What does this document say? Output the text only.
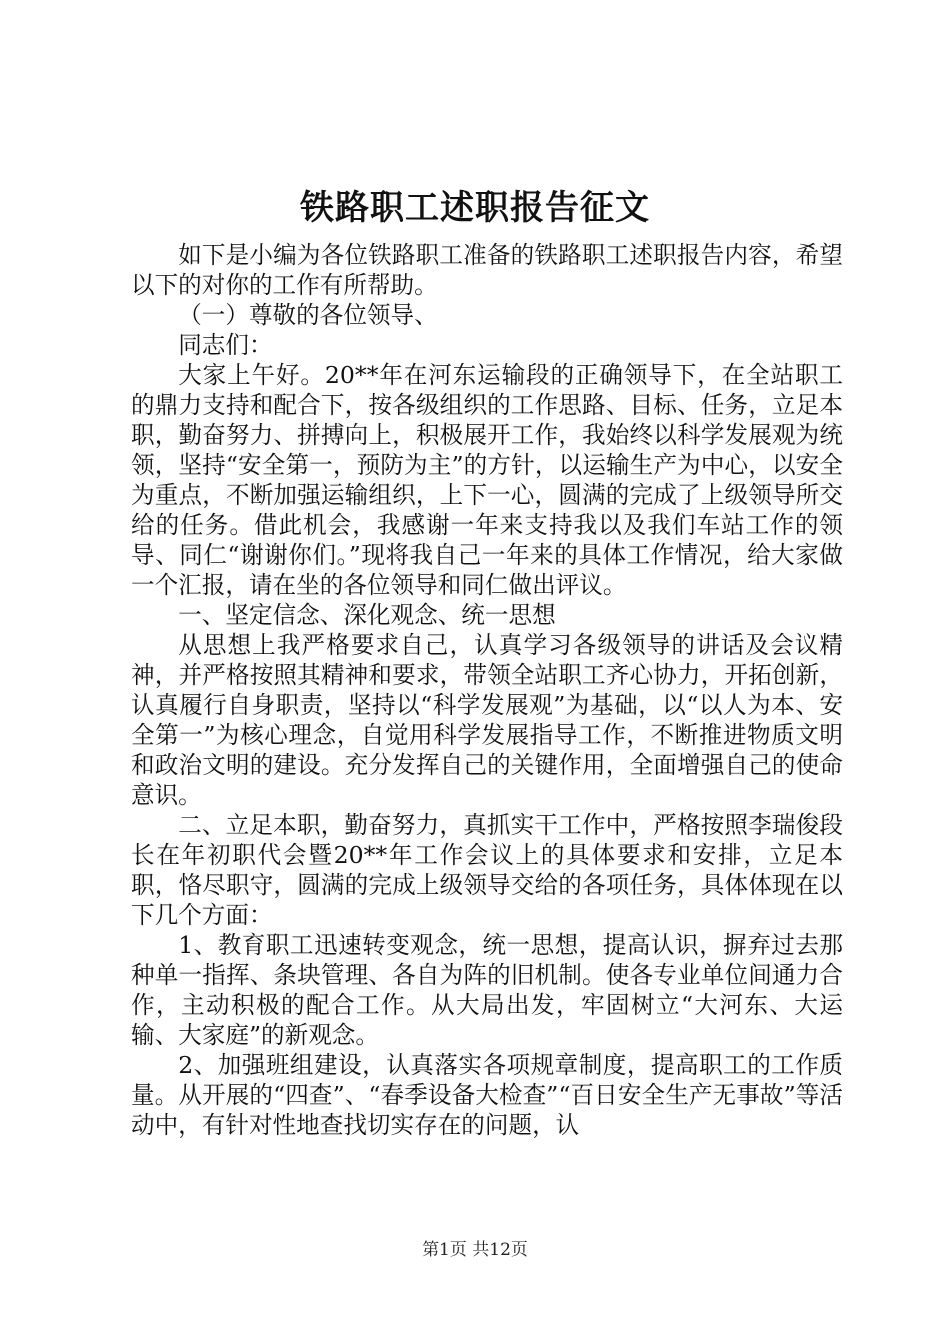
铁路职工述职报告征文

如下是小编为各位铁路职工准备的铁路职工述职报告内容，希望以下的对你的工作有所帮助。

（一）尊敬的各位领导、

同志们：

大家上午好。20**年在河东运输段的正确领导下，在全站职工的鼎力支持和配合下，按各级组织的工作思路、目标、任务，立足本职，勤奋努力、拼搏向上，积极展开工作，我始终以科学发展观为统领，坚持“安全第一，预防为主”的方针，以运输生产为中心，以安全为重点，不断加强运输组织，上下一心，圆满的完成了上级领导所交给的任务。借此机会，我感谢一年来支持我以及我们车站工作的领导、同仁“谢谢你们。”现将我自己一年来的具体工作情况，给大家做一个汇报，请在坐的各位领导和同仁做出评议。

一、坚定信念、深化观念、统一思想

从思想上我严格要求自己，认真学习各级领导的讲话及会议精神，并严格按照其精神和要求，带领全站职工齐心协力，开拓创新，认真履行自身职责，坚持以“科学发展观”为基础，以“以人为本、安全第一”为核心理念，自觉用科学发展指导工作，不断推进物质文明和政治文明的建设。充分发挥自己的关键作用，全面增强自己的使命意识。

二、立足本职，勤奋努力，真抓实干工作中，严格按照李瑞俊段长在年初职代会暨20**年工作会议上的具体要求和安排，立足本职，恪尽职守，圆满的完成上级领导交给的各项任务，具体体现在以下几个方面：

1、教育职工迅速转变观念，统一思想，提高认识，摒弃过去那种单一指挥、条块管理、各自为阵的旧机制。使各专业单位间通力合作，主动积极的配合工作。从大局出发，牢固树立“大河东、大运输、大家庭”的新观念。

2、加强班组建设，认真落实各项规章制度，提高职工的工作质量。从开展的“四查”、“春季设备大检查”“百日安全生产无事故”等活动中，有针对性地查找切实存在的问题，认

第1页 共12页
